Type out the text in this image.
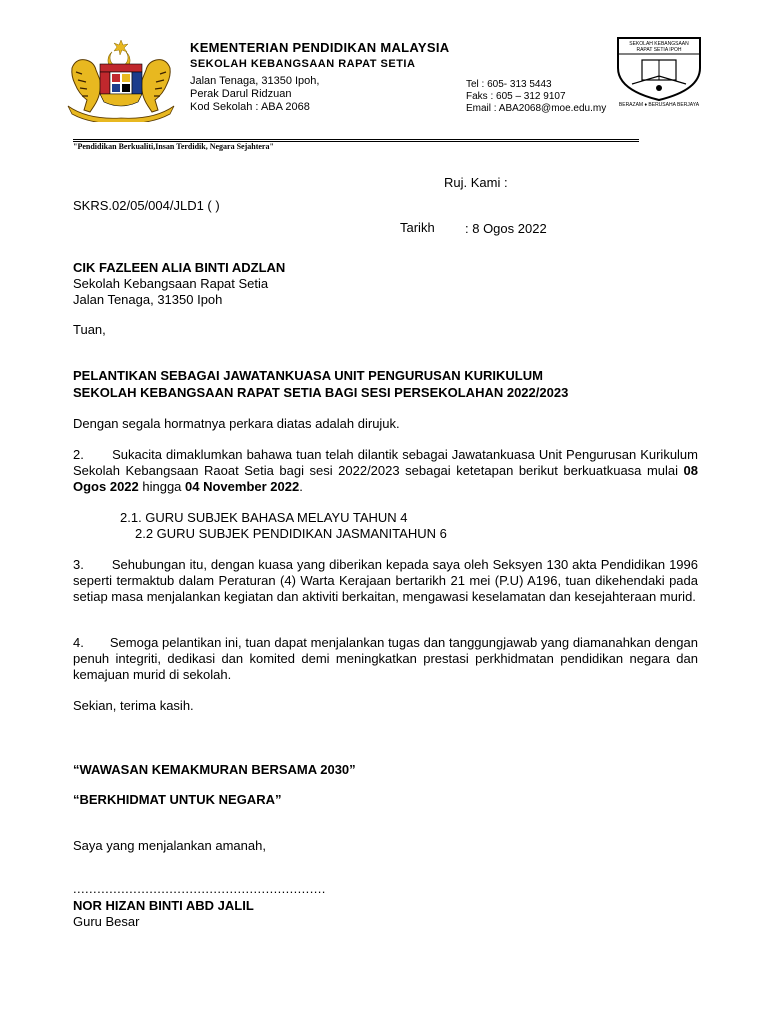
KEMENTERIAN PENDIDIKAN MALAYSIA
SEKOLAH KEBANGSAAN RAPAT SETIA
Jalan Tenaga, 31350 Ipoh,
Perak Darul Ridzuan
Kod Sekolah : ABA 2068
Tel : 605- 313 5443
Faks : 605 – 312 9107
Email : ABA2068@moe.edu.my
SEKOLAH KEBANGSAAN RAPAT SETIA IPOH
BERAZAM ♦ BERUSAHA BERJAYA
"Pendidikan Berkualiti,Insan Terdidik, Negara Sejahtera"
Ruj. Kami :
SKRS.02/05/004/JLD1 ( )
Tarikh : 8 Ogos 2022
CIK FAZLEEN ALIA BINTI ADZLAN
Sekolah Kebangsaan Rapat Setia
Jalan Tenaga, 31350 Ipoh
Tuan,
PELANTIKAN SEBAGAI JAWATANKUASA UNIT PENGURUSAN KURIKULUM
SEKOLAH KEBANGSAAN RAPAT SETIA BAGI SESI PERSEKOLAHAN 2022/2023
Dengan segala hormatnya perkara diatas adalah dirujuk.
2.       Sukacita dimaklumkan bahawa tuan telah dilantik sebagai Jawatankuasa Unit Pengurusan Kurikulum Sekolah Kebangsaan Raoat Setia bagi sesi 2022/2023 sebagai ketetapan berikut berkuatkuasa mulai 08 Ogos 2022 hingga 04 November 2022.
2.1. GURU SUBJEK BAHASA MELAYU TAHUN 4
2.2 GURU SUBJEK PENDIDIKAN JASMANITAHUN 6
3.       Sehubungan itu, dengan kuasa yang diberikan kepada saya oleh Seksyen 130 akta Pendidikan 1996 seperti termaktub dalam Peraturan (4) Warta Kerajaan bertarikh 21 mei (P.U) A196, tuan dikehendaki pada setiap masa menjalankan kegiatan dan aktiviti berkaitan, mengawasi keselamatan dan kesejahteraan murid.
4.       Semoga pelantikan ini, tuan dapat menjalankan tugas dan tanggungjawab yang diamanahkan dengan penuh integriti, dedikasi dan komited demi meningkatkan prestasi perkhidmatan pendidikan negara dan kemajuan murid di sekolah.
Sekian, terima kasih.
“WAWASAN KEMAKMURAN BERSAMA 2030”
“BERKHIDMAT UNTUK NEGARA”
Saya yang menjalankan amanah,
...............................................................
NOR HIZAN BINTI ABD JALIL
Guru Besar
